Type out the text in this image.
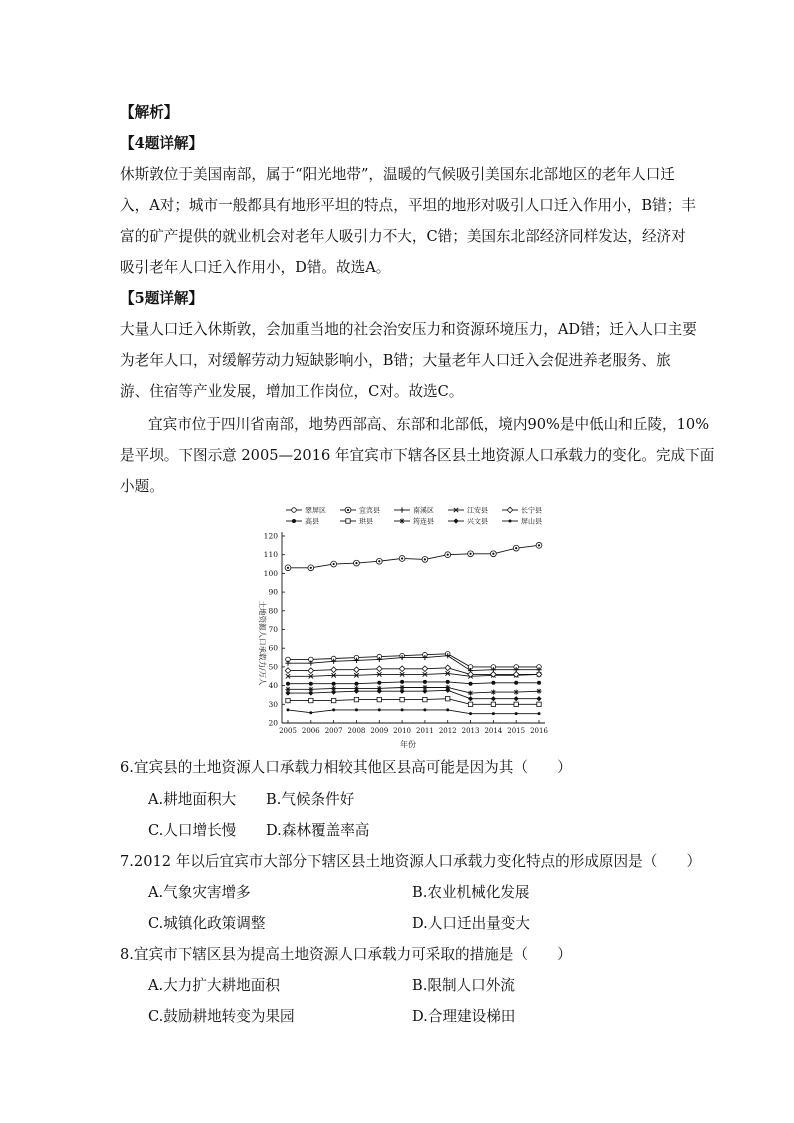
【解析】
【4题详解】
休斯敦位于美国南部，属于“阳光地带”，温暖的气候吸引美国东北部地区的老年人口迁
入，A对；城市一般都具有地形平坦的特点，平坦的地形对吸引人口迁入作用小，B错；丰
富的矿产提供的就业机会对老年人吸引力不大，C错；美国东北部经济同样发达，经济对
吸引老年人口迁入作用小，D错。故选A。
【5题详解】
大量人口迁入休斯敦，会加重当地的社会治安压力和资源环境压力，AD错；迁入人口主要
为老年人口，对缓解劳动力短缺影响小，B错；大量老年人口迁入会促进养老服务、旅
游、住宿等产业发展，增加工作岗位，C对。故选C。
宜宾市位于四川省南部，地势西部高、东部和北部低，境内90%是中低山和丘陵，10%
是平坝。下图示意 2005—2016 年宜宾市下辖各区县土地资源人口承载力的变化。完成下面
小题。
翠屏区	宜宾县	南溪区	江安县	长宁县
高县	珙县	筠连县	兴文县	屏山县
20
30
40
50
60
70
80
90
100
110
120
2005 2006 2007 2008 2009 2010 2011 2012 2013 2014 2015 2016
土地资源人口承载力/万人
年份
6.宜宾县的土地资源人口承载力相较其他区县高可能是因为其（　　）
A.耕地面积大 B.气候条件好
C.人口增长慢 D.森林覆盖率高
7.2012 年以后宜宾市大部分下辖区县土地资源人口承载力变化特点的形成原因是（　　）
A.气象灾害增多	B.农业机械化发展
C.城镇化政策调整	D.人口迁出量变大
8.宜宾市下辖区县为提高土地资源人口承载力可采取的措施是（　　）
A.大力扩大耕地面积	B.限制人口外流
C.鼓励耕地转变为果园	D.合理建设梯田
